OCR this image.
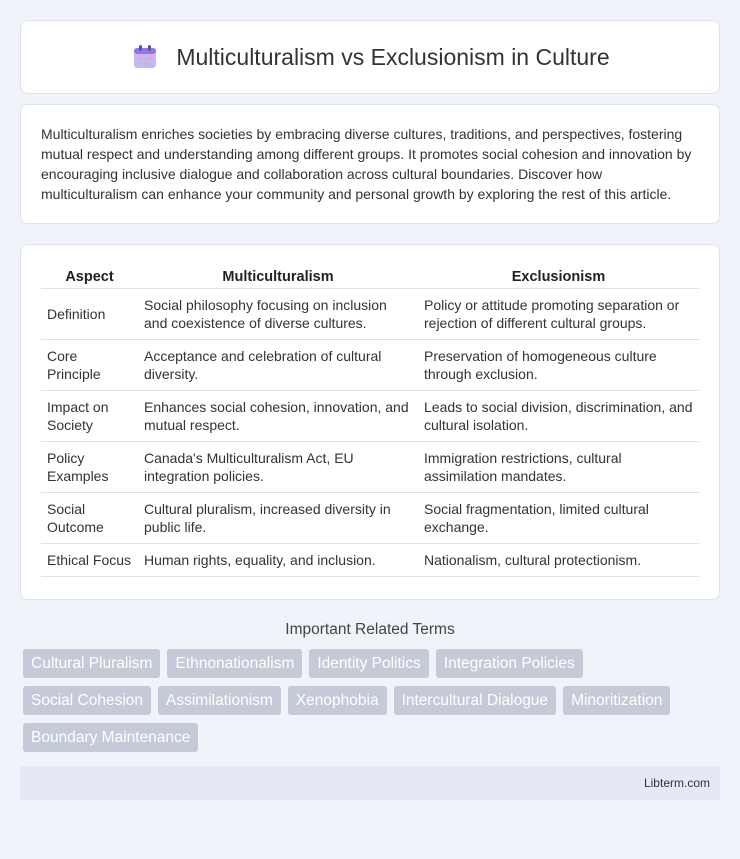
Multiculturalism vs Exclusionism in Culture

Multiculturalism enriches societies by embracing diverse cultures, traditions, and perspectives, fostering mutual respect and understanding among different groups. It promotes social cohesion and innovation by encouraging inclusive dialogue and collaboration across cultural boundaries. Discover how multiculturalism can enhance your community and personal growth by exploring the rest of this article.

Aspect	Multiculturalism	Exclusionism
Definition	Social philosophy focusing on inclusion and coexistence of diverse cultures.	Policy or attitude promoting separation or rejection of different cultural groups.
Core Principle	Acceptance and celebration of cultural diversity.	Preservation of homogeneous culture through exclusion.
Impact on Society	Enhances social cohesion, innovation, and mutual respect.	Leads to social division, discrimination, and cultural isolation.
Policy Examples	Canada's Multiculturalism Act, EU integration policies.	Immigration restrictions, cultural assimilation mandates.
Social Outcome	Cultural pluralism, increased diversity in public life.	Social fragmentation, limited cultural exchange.
Ethical Focus	Human rights, equality, and inclusion.	Nationalism, cultural protectionism.
Important Related Terms
Cultural Pluralism	Ethnonationalism	Identity Politics	Integration Policies
Social Cohesion	Assimilationism	Xenophobia	Intercultural Dialogue	Minoritization
Boundary Maintenance
Libterm.com
